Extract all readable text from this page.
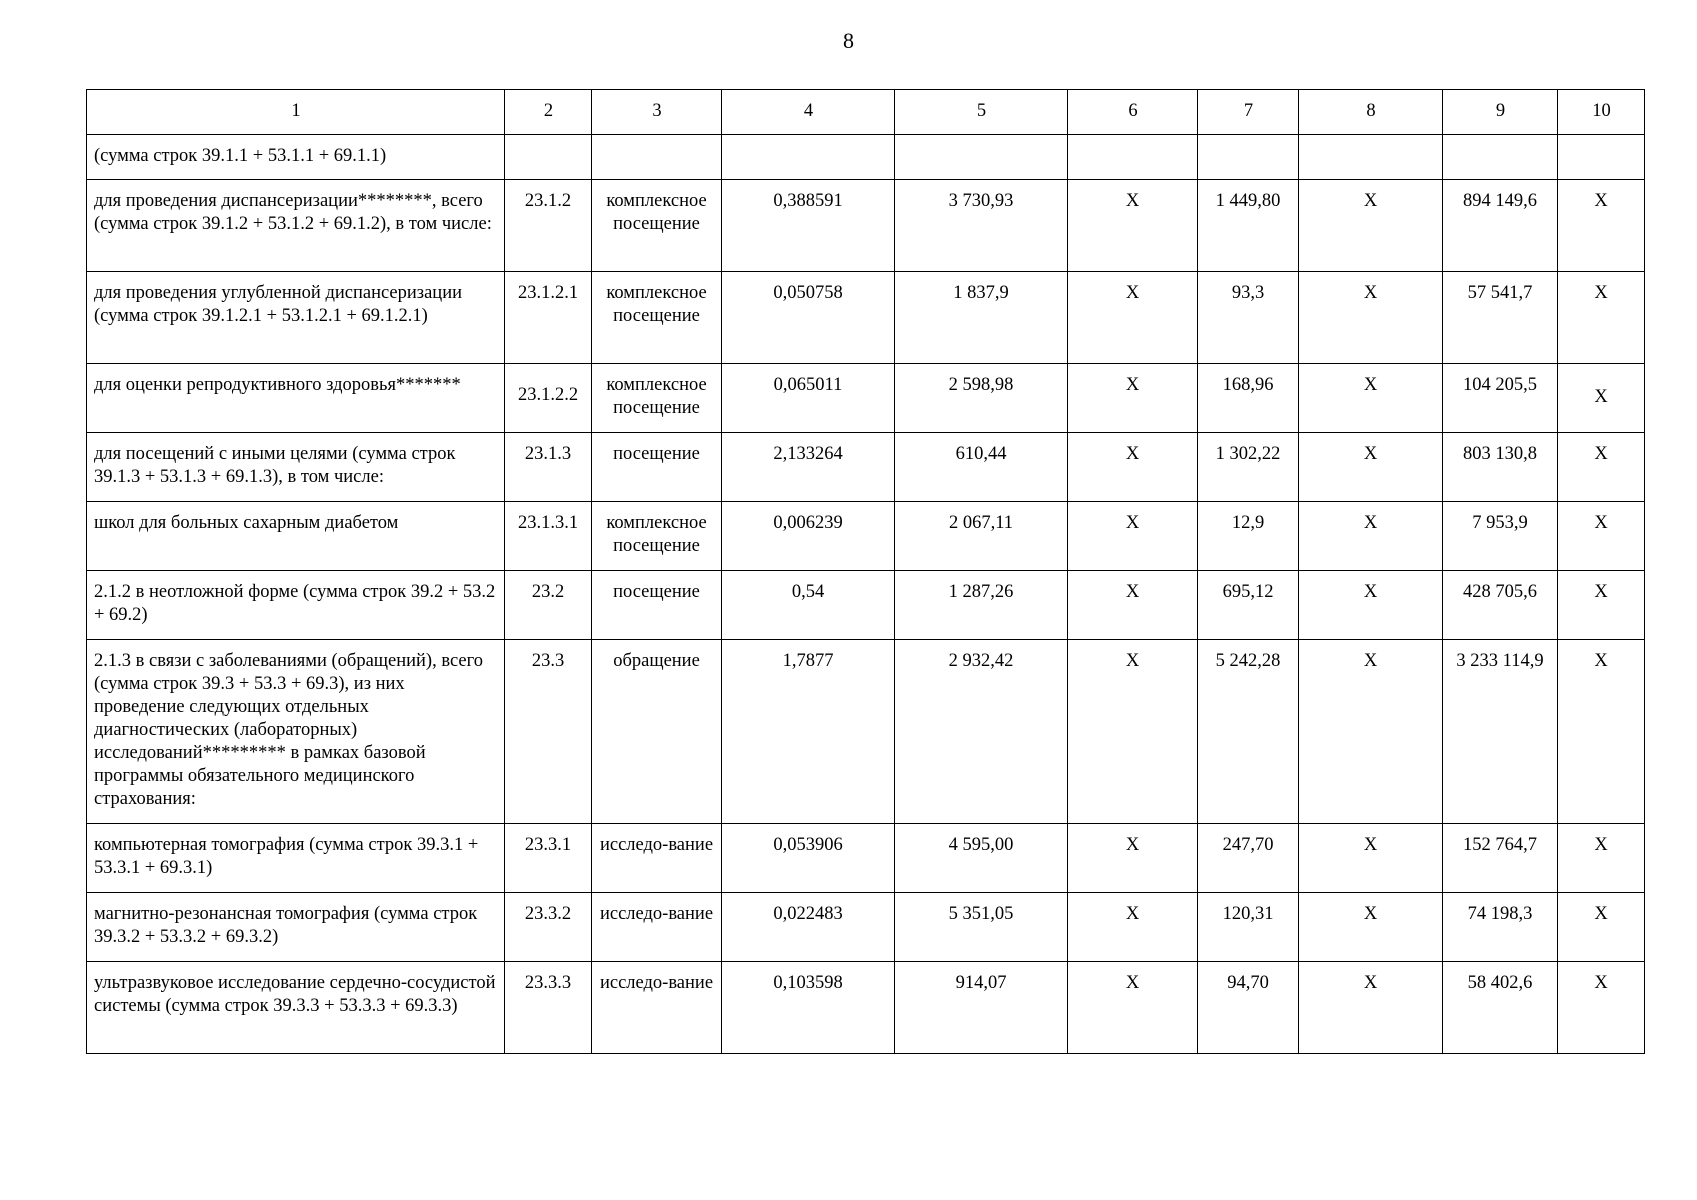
8
1	2	3	4	5	6	7	8	9	10
(сумма строк 39.1.1 + 53.1.1 + 69.1.1)									
для проведения диспансеризации********, всего (сумма строк 39.1.2 + 53.1.2 + 69.1.2), в том числе:	23.1.2	комплексное посещение	0,388591	3 730,93	Х	1 449,80	Х	894 149,6	Х
для проведения углубленной диспансеризации (сумма строк 39.1.2.1 + 53.1.2.1 + 69.1.2.1)	23.1.2.1	комплексное посещение	0,050758	1 837,9	Х	93,3	Х	57 541,7	Х
для оценки репродуктивного здоровья*******	23.1.2.2	комплексное посещение	0,065011	2 598,98	Х	168,96	Х	104 205,5	Х
для посещений с иными целями (сумма строк 39.1.3 + 53.1.3 + 69.1.3), в том числе:	23.1.3	посещение	2,133264	610,44	Х	1 302,22	Х	803 130,8	Х
школ для больных сахарным диабетом	23.1.3.1	комплексное посещение	0,006239	2 067,11	Х	12,9	Х	7 953,9	Х
2.1.2 в неотложной форме (сумма строк 39.2 + 53.2 + 69.2)	23.2	посещение	0,54	1 287,26	Х	695,12	Х	428 705,6	Х
2.1.3 в связи с заболеваниями (обращений), всего (сумма строк 39.3 + 53.3 + 69.3), из них проведение следующих отдельных диагностических (лабораторных) исследований********* в рамках базовой программы обязательного медицинского страхования:	23.3	обращение	1,7877	2 932,42	Х	5 242,28	Х	3 233 114,9	Х
компьютерная томография (сумма строк 39.3.1 + 53.3.1 + 69.3.1)	23.3.1	исследо-вание	0,053906	4 595,00	Х	247,70	Х	152 764,7	Х
магнитно-резонансная томография (сумма строк 39.3.2 + 53.3.2 + 69.3.2)	23.3.2	исследо-вание	0,022483	5 351,05	Х	120,31	Х	74 198,3	Х
ультразвуковое исследование сердечно-сосудистой системы (сумма строк 39.3.3 + 53.3.3 + 69.3.3)	23.3.3	исследо-вание	0,103598	914,07	Х	94,70	Х	58 402,6	Х
